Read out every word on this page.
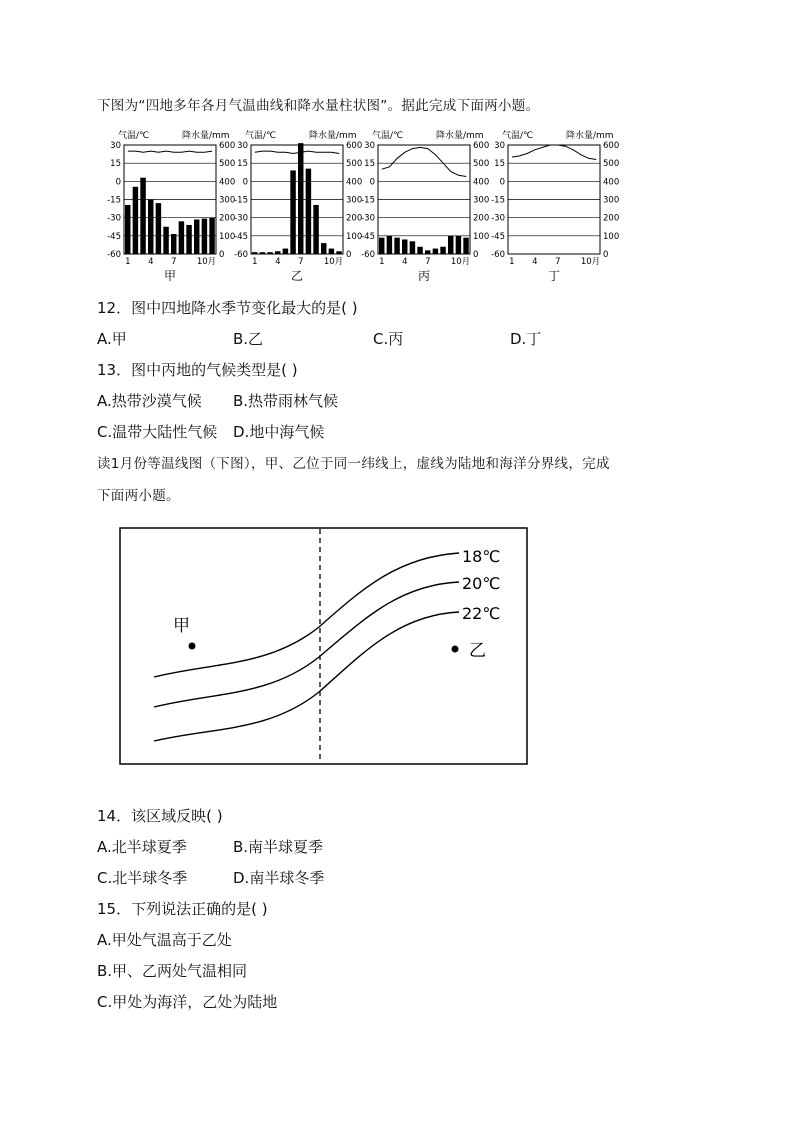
下图为“四地多年各月气温曲线和降水量柱状图”。据此完成下面两小题。
气温/℃	降水量/mm
30
15
0
-15
-30
-45
-60
600
500
400
300
200
100
0
1 4 7 10月
甲
气温/℃	降水量/mm
30
15
0
-15
-30
-45
-60
600
500
400
300
200
100
0
1 4 7 10月
乙
气温/℃	降水量/mm
30
15
0
-15
-30
-45
-60
600
500
400
300
200
100
0
1 4 7 10月
丙
气温/℃	降水量/mm
30
15
0
-15
-30
-45
-60
600
500
400
300
200
100
0
1 4 7 10月
丁
12．图中四地降水季节变化最大的是( )
A.甲	B.乙	C.丙	D.丁
13．图中丙地的气候类型是( )
A.热带沙漠气候 B.热带雨林气候
C.温带大陆性气候 D.地中海气候
读1月份等温线图（下图），甲、乙位于同一纬线上，虚线为陆地和海洋分界线，完成
下面两小题。
18℃
20℃
22℃
甲
乙
14．该区域反映( )
A.北半球夏季	B.南半球夏季
C.北半球冬季	D.南半球冬季
15．下列说法正确的是( )
A.甲处气温高于乙处
B.甲、乙两处气温相同
C.甲处为海洋，乙处为陆地
